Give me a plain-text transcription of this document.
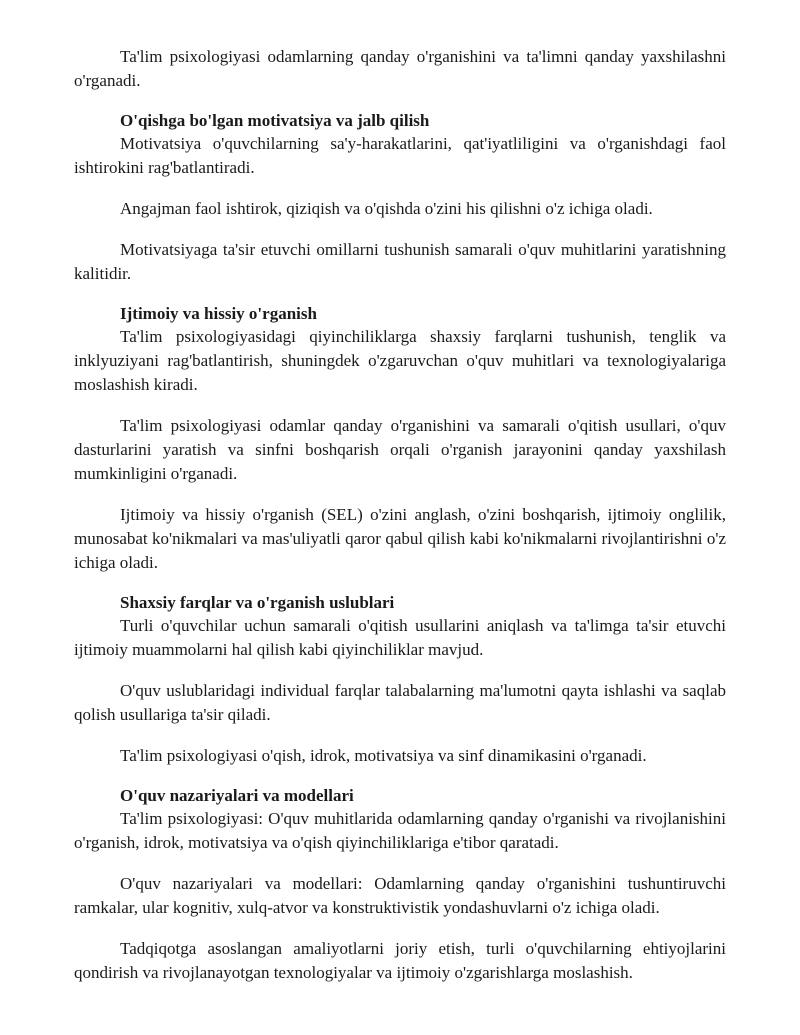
Ta'lim psixologiyasi odamlarning qanday o'rganishini va ta'limni qanday yaxshilashni o'rganadi.

O'qishga bo'lgan motivatsiya va jalb qilish

Motivatsiya o'quvchilarning sa'y-harakatlarini, qat'iyatliligini va o'rganishdagi faol ishtirokini rag'batlantiradi.

Angajman faol ishtirok, qiziqish va o'qishda o'zini his qilishni o'z ichiga oladi.

Motivatsiyaga ta'sir etuvchi omillarni tushunish samarali o'quv muhitlarini yaratishning kalitidir.

Ijtimoiy va hissiy o'rganish

Ta'lim psixologiyasidagi qiyinchiliklarga shaxsiy farqlarni tushunish, tenglik va inklyuziyani rag'batlantirish, shuningdek o'zgaruvchan o'quv muhitlari va texnologiyalariga moslashish kiradi.

Ta'lim psixologiyasi odamlar qanday o'rganishini va samarali o'qitish usullari, o'quv dasturlarini yaratish va sinfni boshqarish orqali o'rganish jarayonini qanday yaxshilash mumkinligini o'rganadi.

Ijtimoiy va hissiy o'rganish (SEL) o'zini anglash, o'zini boshqarish, ijtimoiy onglilik, munosabat ko'nikmalari va mas'uliyatli qaror qabul qilish kabi ko'nikmalarni rivojlantirishni o'z ichiga oladi.

Shaxsiy farqlar va o'rganish uslublari

Turli o'quvchilar uchun samarali o'qitish usullarini aniqlash va ta'limga ta'sir etuvchi ijtimoiy muammolarni hal qilish kabi qiyinchiliklar mavjud.

O'quv uslublaridagi individual farqlar talabalarning ma'lumotni qayta ishlashi va saqlab qolish usullariga ta'sir qiladi.

Ta'lim psixologiyasi o'qish, idrok, motivatsiya va sinf dinamikasini o'rganadi.

O'quv nazariyalari va modellari

Ta'lim psixologiyasi: O'quv muhitlarida odamlarning qanday o'rganishi va rivojlanishini o'rganish, idrok, motivatsiya va o'qish qiyinchiliklariga e'tibor qaratadi.

O'quv nazariyalari va modellari: Odamlarning qanday o'rganishini tushuntiruvchi ramkalar, ular kognitiv, xulq-atvor va konstruktivistik yondashuvlarni o'z ichiga oladi.

Tadqiqotga asoslangan amaliyotlarni joriy etish, turli o'quvchilarning ehtiyojlarini qondirish va rivojlanayotgan texnologiyalar va ijtimoiy o'zgarishlarga moslashish.
